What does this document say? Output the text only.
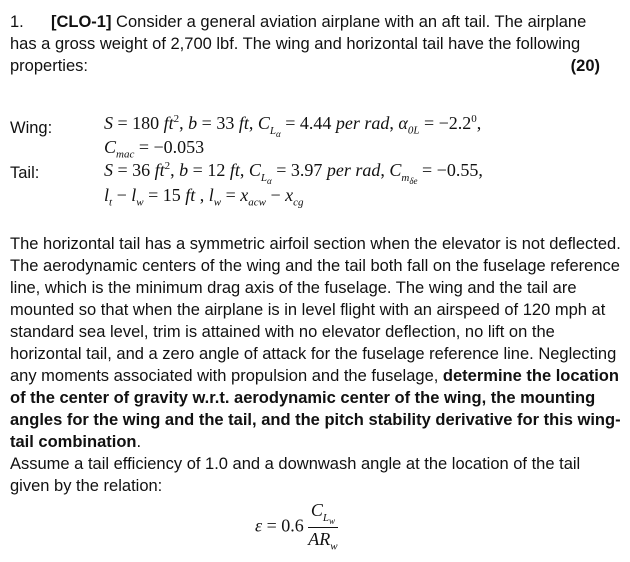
1. [CLO-1] Consider a general aviation airplane with an aft tail. The airplane
has a gross weight of 2,700 lbf. The wing and horizontal tail have the following
properties:	(20)
Wing:
Tail:
S = 180 $ft^2$, b = 33 ft, $C_{L_\alpha} = 4.44$ per rad, $\alpha_{0L} = -2.2^0$,
$C_{mac} = -0.053$
S = 36 $ft^2$, b = 12 ft, $C_{L_\alpha} = 3.97$ per rad, $C_{m_{\delta e}} = -0.55$,
$l_t - l_w = 15$ ft , $l_w = x_{acw} - x_{cg}$

The horizontal tail has a symmetric airfoil section when the elevator is not deflected. The aerodynamic centers of the wing and the tail both fall on the fuselage reference line, which is the minimum drag axis of the fuselage. The wing and the tail are mounted so that when the airplane is in level flight with an airspeed of 120 mph at standard sea level, trim is attained with no elevator deflection, no lift on the horizontal tail, and a zero angle of attack for the fuselage reference line. Neglecting any moments associated with propulsion and the fuselage, determine the location of the center of gravity w.r.t. aerodynamic center of the wing, the mounting angles for the wing and the tail, and the pitch stability derivative for this wing-tail combination.

Assume a tail efficiency of 1.0 and a downwash angle at the location of the tail

given by the relation:

$\varepsilon = 0.6 \frac{C_{L_w}}{AR_w}$
